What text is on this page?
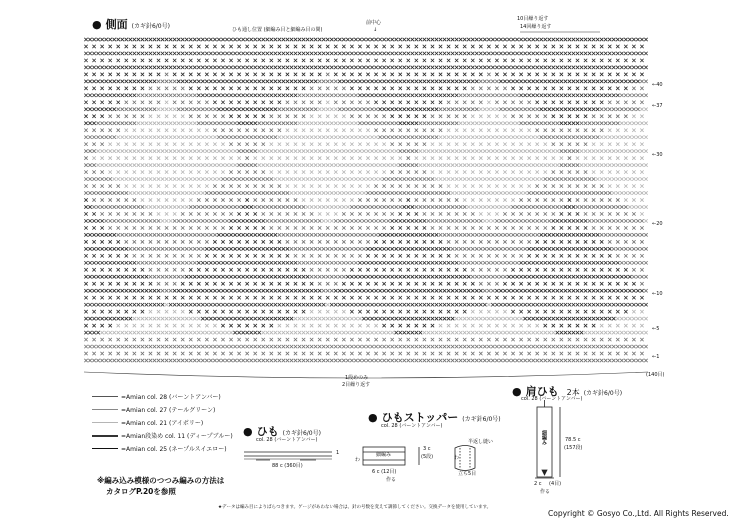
● 側面 (カギ針6/0号)	ひも通し位置 (細編み目と細編み目の間)
前中心
↓
10目繰り返す
14回繰り返す
←37
←40
←30
←20
←10
←5
←1
1段めのみ
2目繰り返す
(140目)
=Amian col. 28 (バーントアンバー)
=Amian col. 27 (テールグリーン)
=Amian col. 21 (アイボリー)
=Amian段染め col. 11 (ディープブルー)
=Amian col. 25 (ネープルスイエロー)
※編み込み模様のつつみ編みの方法は
カタログP.20を参照
● ひも (カギ針6/0号)
col. 28 (バーントアンバー)
88 c (360目)
1
● ひもストッパー (カギ針6/0号)
col. 28 (バーントアンバー)
細編み
3 c
(5段)
6 c (12目)
作る
半返し縫い
立ち5目
わ	わ
● 肩ひも 2本 (カギ針6/0号)
col. 28 (バーントアンバー)
78.5 c
(157段)
2 c (4目)
作る
細編み
★データは編み目によりばらつきます。ゲージがあわない場合は、針の号数を変えて調節してください。交換データを使用しています。
Copyright © Gosyo Co.,Ltd. All Rights Reserved.
